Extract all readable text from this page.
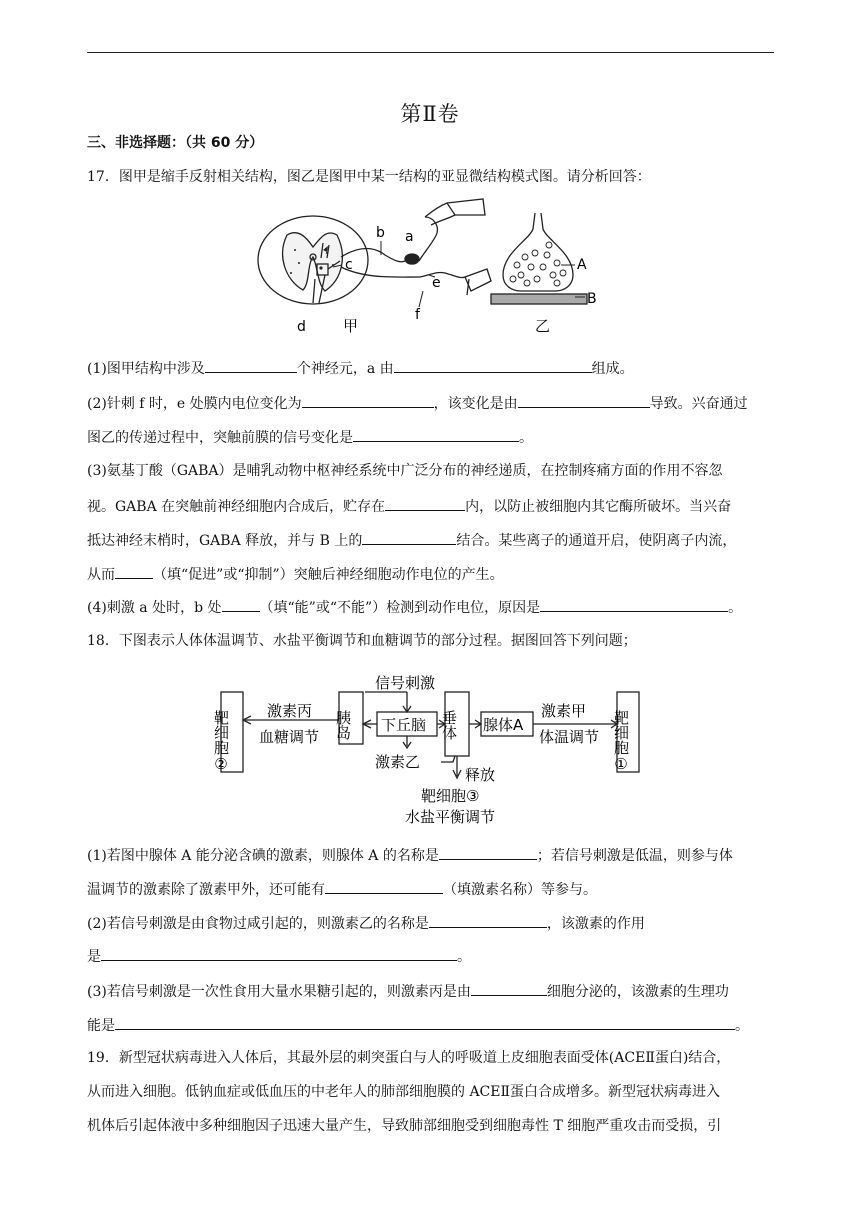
第Ⅱ卷
三、非选择题：（共 60 分）
17．图甲是缩手反射相关结构，图乙是图甲中某一结构的亚显微结构模式图。请分析回答：
b a
c
e
f
d 甲
A
B
乙
(1)图甲结构中涉及	个神经元，a 由	组成。
(2)针刺 f 时，e 处膜内电位变化为	，该变化是由	导致。兴奋通过
图乙的传递过程中，突触前膜的信号变化是	。
(3)氨基丁酸（GABA）是哺乳动物中枢神经系统中广泛分布的神经递质，在控制疼痛方面的作用不容忽
视。GABA 在突触前神经细胞内合成后，贮存在	内，以防止被细胞内其它酶所破坏。当兴奋
抵达神经末梢时，GABA 释放，并与 B 上的	结合。某些离子的通道开启，使阴离子内流，
从而	（填“促进”或“抑制”）突触后神经细胞动作电位的产生。
(4)刺激 a 处时，b 处	（填“能”或“不能”）检测到动作电位，原因是	。
18．下图表示人体体温调节、水盐平衡调节和血糖调节的部分过程。据图回答下列问题；
靶细胞② 激素丙
血糖调节 胰岛
信号刺激
下丘脑
激素乙
垂体
释放
靶细胞③
水盐平衡调节
腺体A
激素甲
体温调节 靶细胞①
(1)若图中腺体 A 能分泌含碘的激素，则腺体 A 的名称是	；若信号刺激是低温，则参与体
温调节的激素除了激素甲外，还可能有	（填激素名称）等参与。
(2)若信号刺激是由食物过咸引起的，则激素乙的名称是	，该激素的作用
是	。
(3)若信号刺激是一次性食用大量水果糖引起的，则激素丙是由	细胞分泌的，该激素的生理功
能是	。
19．新型冠状病毒进入人体后，其最外层的刺突蛋白与人的呼吸道上皮细胞表面受体(ACEⅡ蛋白)结合，
从而进入细胞。低钠血症或低血压的中老年人的肺部细胞膜的 ACEⅡ蛋白合成增多。新型冠状病毒进入
机体后引起体液中多种细胞因子迅速大量产生，导致肺部细胞受到细胞毒性 T 细胞严重攻击而受损，引
